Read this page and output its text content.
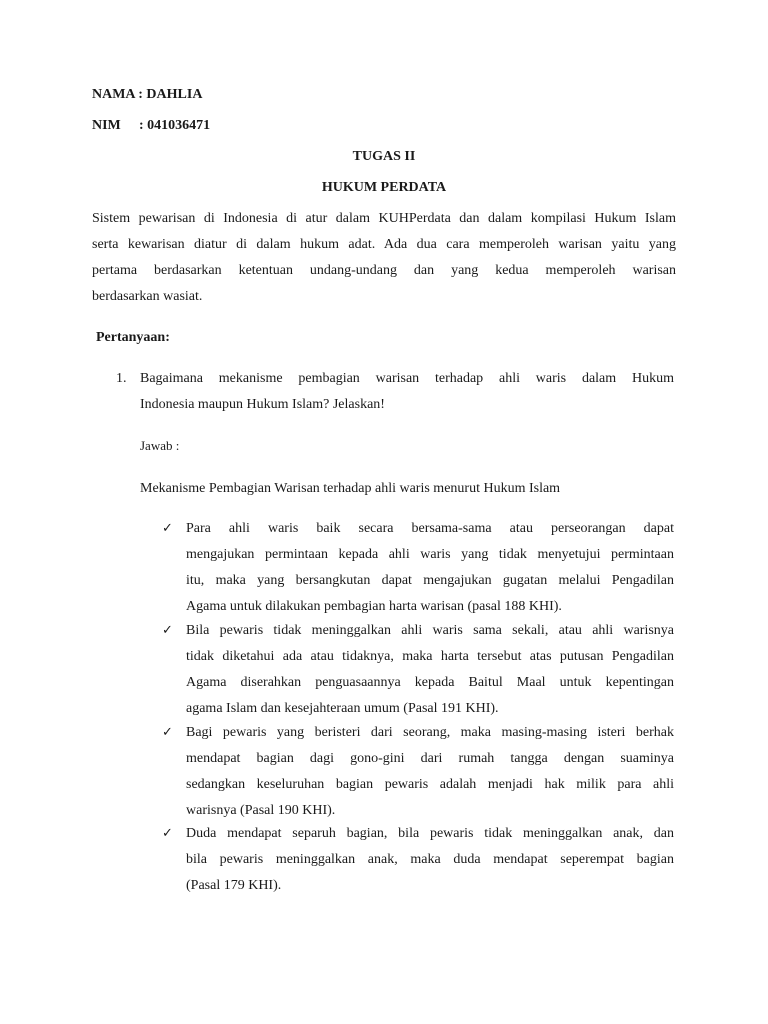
NAMA : DAHLIA
NIM : 041036471
TUGAS II
HUKUM PERDATA
Sistem pewarisan di Indonesia di atur dalam KUHPerdata dan dalam kompilasi Hukum Islam
serta kewarisan diatur di dalam hukum adat. Ada dua cara memperoleh warisan yaitu yang
pertama berdasarkan ketentuan undang-undang dan yang kedua memperoleh warisan
berdasarkan wasiat.
Pertanyaan:
1. Bagaimana mekanisme pembagian warisan terhadap ahli waris dalam Hukum
Indonesia maupun Hukum Islam? Jelaskan!
Jawab :
Mekanisme Pembagian Warisan terhadap ahli waris menurut Hukum Islam
✓ Para ahli waris baik secara bersama-sama atau perseorangan dapat
mengajukan permintaan kepada ahli waris yang tidak menyetujui permintaan
itu, maka yang bersangkutan dapat mengajukan gugatan melalui Pengadilan
Agama untuk dilakukan pembagian harta warisan (pasal 188 KHI).
✓ Bila pewaris tidak meninggalkan ahli waris sama sekali, atau ahli warisnya
tidak diketahui ada atau tidaknya, maka harta tersebut atas putusan Pengadilan
Agama diserahkan penguasaannya kepada Baitul Maal untuk kepentingan
agama Islam dan kesejahteraan umum (Pasal 191 KHI).
✓ Bagi pewaris yang beristeri dari seorang, maka masing-masing isteri berhak
mendapat bagian dagi gono-gini dari rumah tangga dengan suaminya
sedangkan keseluruhan bagian pewaris adalah menjadi hak milik para ahli
warisnya (Pasal 190 KHI).
✓ Duda mendapat separuh bagian, bila pewaris tidak meninggalkan anak, dan
bila pewaris meninggalkan anak, maka duda mendapat seperempat bagian
(Pasal 179 KHI).
